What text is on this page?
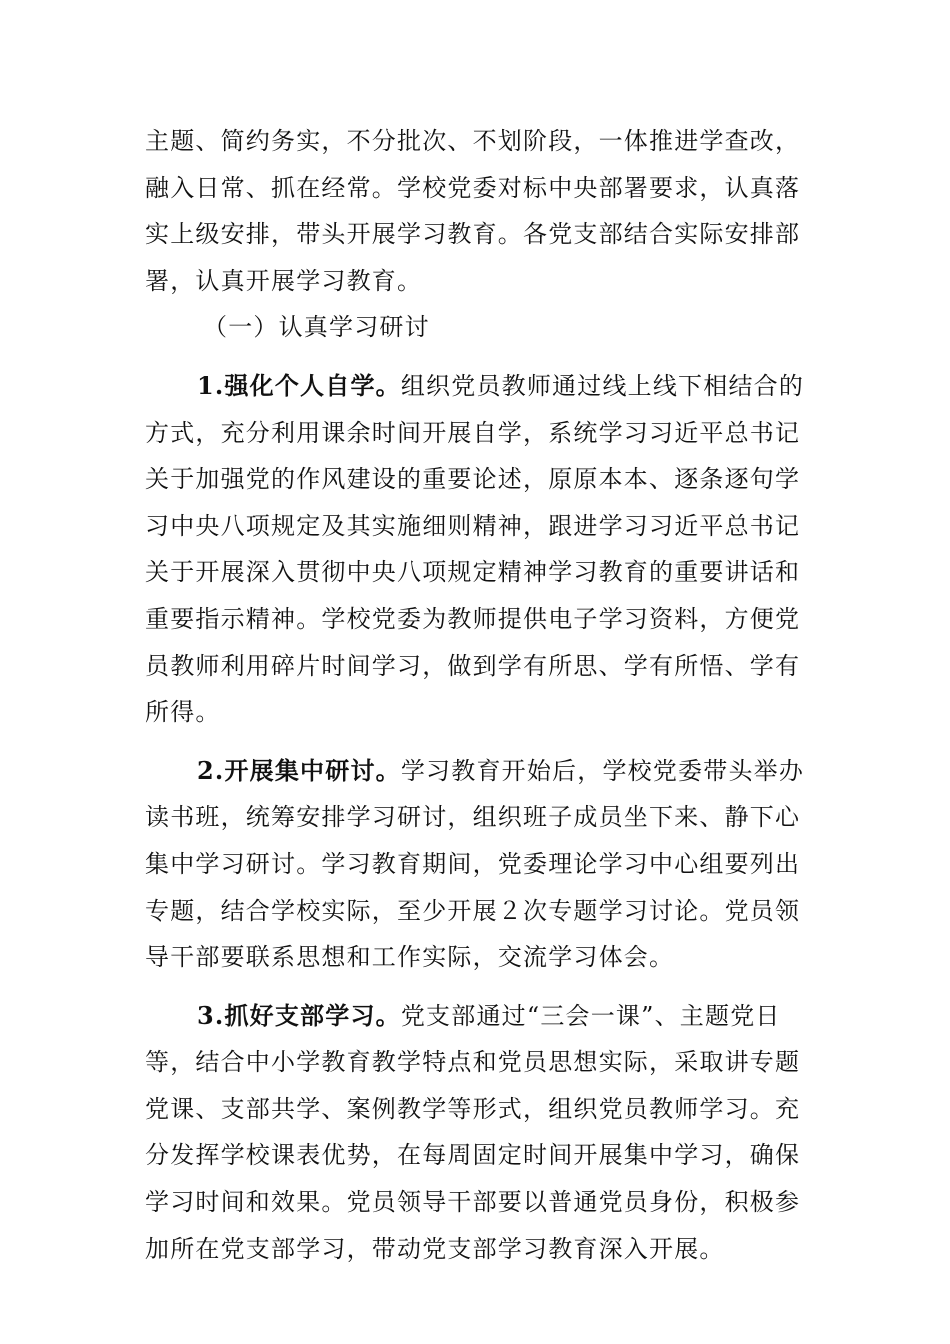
主题、简约务实，不分批次、不划阶段，一体推进学查改，
融入日常、抓在经常。学校党委对标中央部署要求，认真落
实上级安排，带头开展学习教育。各党支部结合实际安排部
署，认真开展学习教育。
（一）认真学习研讨
1.强化个人自学。组织党员教师通过线上线下相结合的
方式，充分利用课余时间开展自学，系统学习习近平总书记
关于加强党的作风建设的重要论述，原原本本、逐条逐句学
习中央八项规定及其实施细则精神，跟进学习习近平总书记
关于开展深入贯彻中央八项规定精神学习教育的重要讲话和
重要指示精神。学校党委为教师提供电子学习资料，方便党
员教师利用碎片时间学习，做到学有所思、学有所悟、学有
所得。
2.开展集中研讨。学习教育开始后，学校党委带头举办
读书班，统筹安排学习研讨，组织班子成员坐下来、静下心
集中学习研讨。学习教育期间，党委理论学习中心组要列出
专题，结合学校实际，至少开展２次专题学习讨论。党员领
导干部要联系思想和工作实际，交流学习体会。
3.抓好支部学习。党支部通过“三会一课”、主题党日
等，结合中小学教育教学特点和党员思想实际，采取讲专题
党课、支部共学、案例教学等形式，组织党员教师学习。充
分发挥学校课表优势，在每周固定时间开展集中学习，确保
学习时间和效果。党员领导干部要以普通党员身份，积极参
加所在党支部学习，带动党支部学习教育深入开展。
